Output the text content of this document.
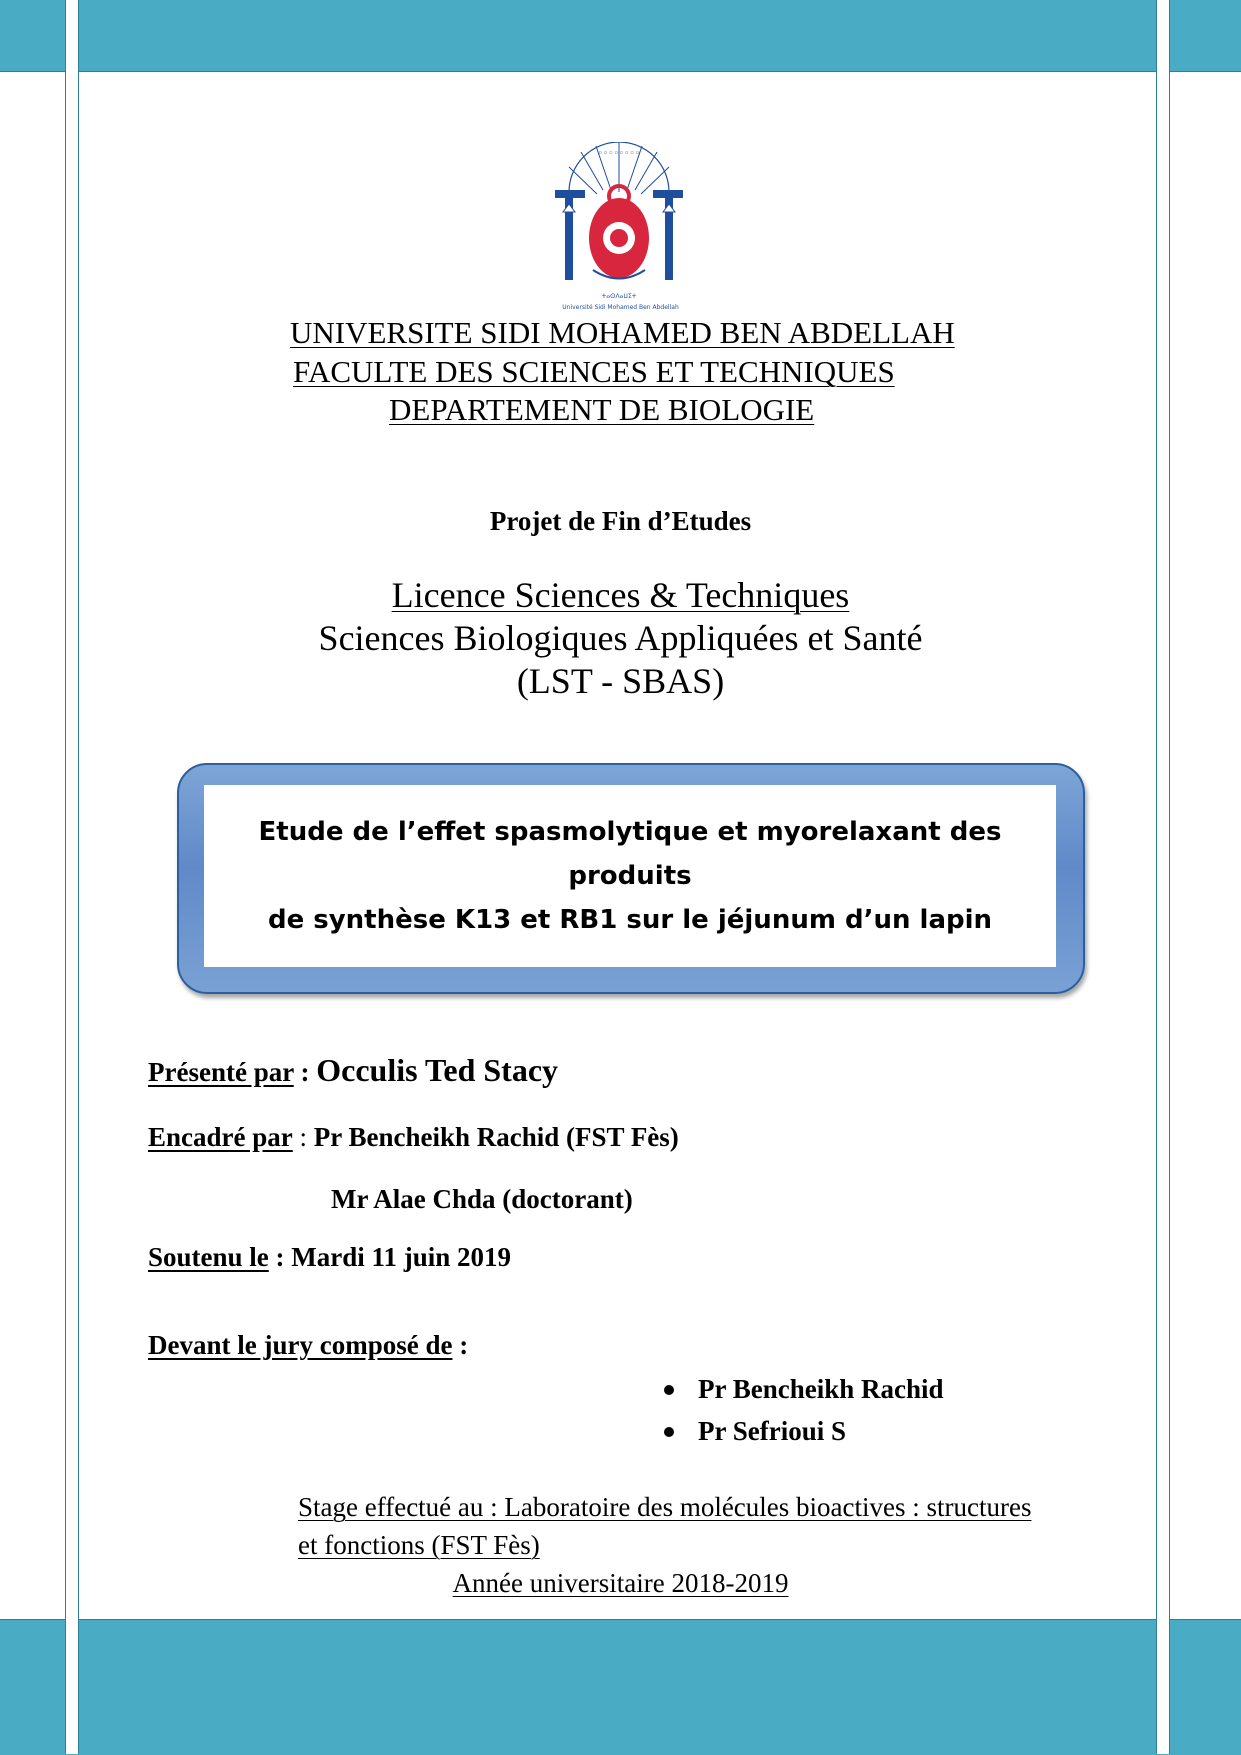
◦◦◦◦◦◦◦◦
ⵜⴰⵙⴷⴰⵡⵉⵜ
Université Sidi Mohamed Ben Abdellah
UNIVERSITE SIDI MOHAMED BEN ABDELLAH
FACULTE DES SCIENCES ET TECHNIQUES
DEPARTEMENT DE BIOLOGIE
Projet de Fin d’Etudes
Licence Sciences & Techniques
Sciences Biologiques Appliquées et Santé
(LST - SBAS)
Etude de l’effet spasmolytique et myorelaxant des produits
de synthèse K13 et RB1 sur le jéjunum d’un lapin
Présenté par : Occulis Ted Stacy
Encadré par : Pr Bencheikh Rachid (FST Fès)
Mr Alae Chda (doctorant)
Soutenu le : Mardi 11 juin 2019
Devant le jury composé de :
Pr Bencheikh Rachid
Pr Sefrioui S
Stage effectué au : Laboratoire des molécules bioactives : structures
et fonctions (FST Fès)
Année universitaire 2018-2019
